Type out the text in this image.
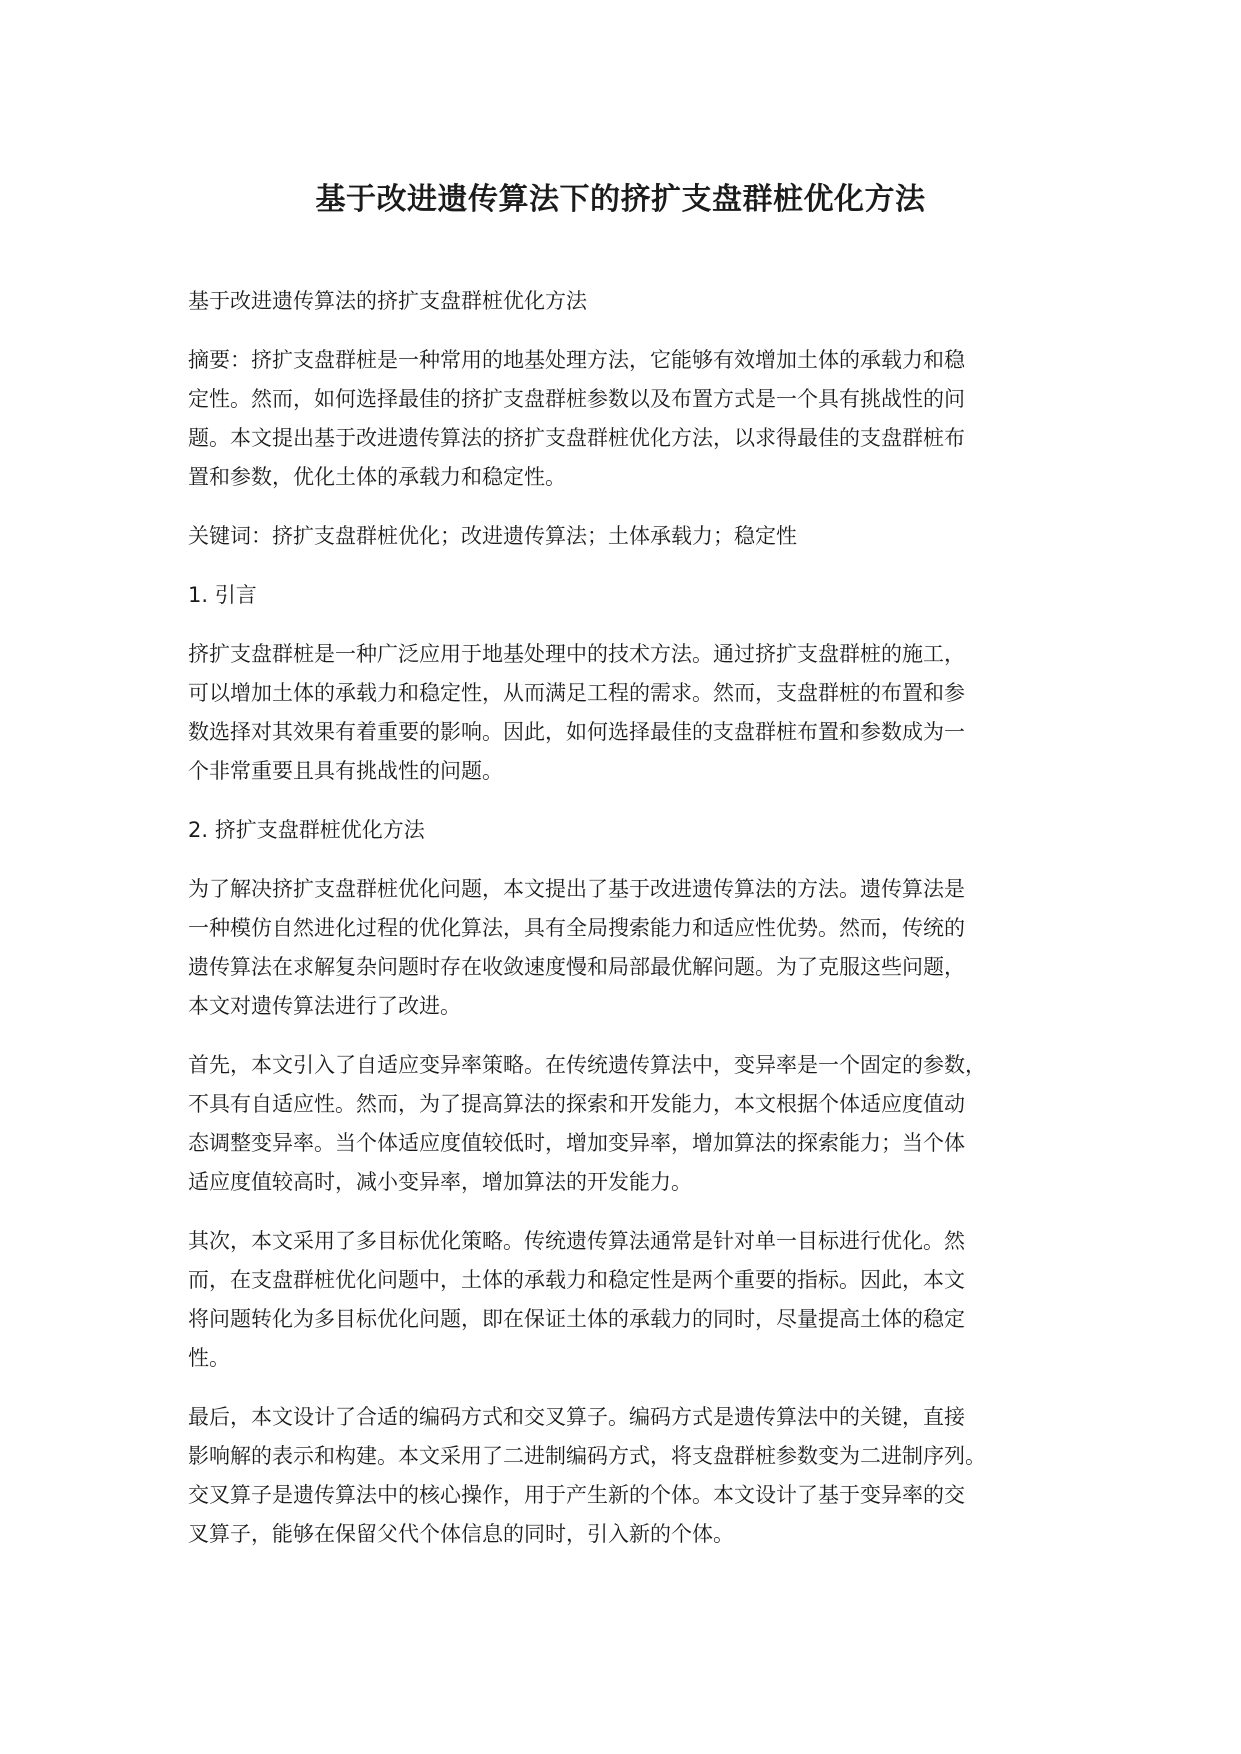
基于改进遗传算法下的挤扩支盘群桩优化方法

基于改进遗传算法的挤扩支盘群桩优化方法

摘要：挤扩支盘群桩是一种常用的地基处理方法，它能够有效增加土体的承载力和稳
定性。然而，如何选择最佳的挤扩支盘群桩参数以及布置方式是一个具有挑战性的问
题。本文提出基于改进遗传算法的挤扩支盘群桩优化方法，以求得最佳的支盘群桩布
置和参数，优化土体的承载力和稳定性。

关键词：挤扩支盘群桩优化；改进遗传算法；土体承载力；稳定性

1. 引言

挤扩支盘群桩是一种广泛应用于地基处理中的技术方法。通过挤扩支盘群桩的施工，
可以增加土体的承载力和稳定性，从而满足工程的需求。然而，支盘群桩的布置和参
数选择对其效果有着重要的影响。因此，如何选择最佳的支盘群桩布置和参数成为一
个非常重要且具有挑战性的问题。

2. 挤扩支盘群桩优化方法

为了解决挤扩支盘群桩优化问题，本文提出了基于改进遗传算法的方法。遗传算法是
一种模仿自然进化过程的优化算法，具有全局搜索能力和适应性优势。然而，传统的
遗传算法在求解复杂问题时存在收敛速度慢和局部最优解问题。为了克服这些问题，
本文对遗传算法进行了改进。

首先，本文引入了自适应变异率策略。在传统遗传算法中，变异率是一个固定的参数，
不具有自适应性。然而，为了提高算法的探索和开发能力，本文根据个体适应度值动
态调整变异率。当个体适应度值较低时，增加变异率，增加算法的探索能力；当个体
适应度值较高时，减小变异率，增加算法的开发能力。

其次，本文采用了多目标优化策略。传统遗传算法通常是针对单一目标进行优化。然
而，在支盘群桩优化问题中，土体的承载力和稳定性是两个重要的指标。因此，本文
将问题转化为多目标优化问题，即在保证土体的承载力的同时，尽量提高土体的稳定
性。

最后，本文设计了合适的编码方式和交叉算子。编码方式是遗传算法中的关键，直接
影响解的表示和构建。本文采用了二进制编码方式，将支盘群桩参数变为二进制序列。
交叉算子是遗传算法中的核心操作，用于产生新的个体。本文设计了基于变异率的交
叉算子，能够在保留父代个体信息的同时，引入新的个体。
